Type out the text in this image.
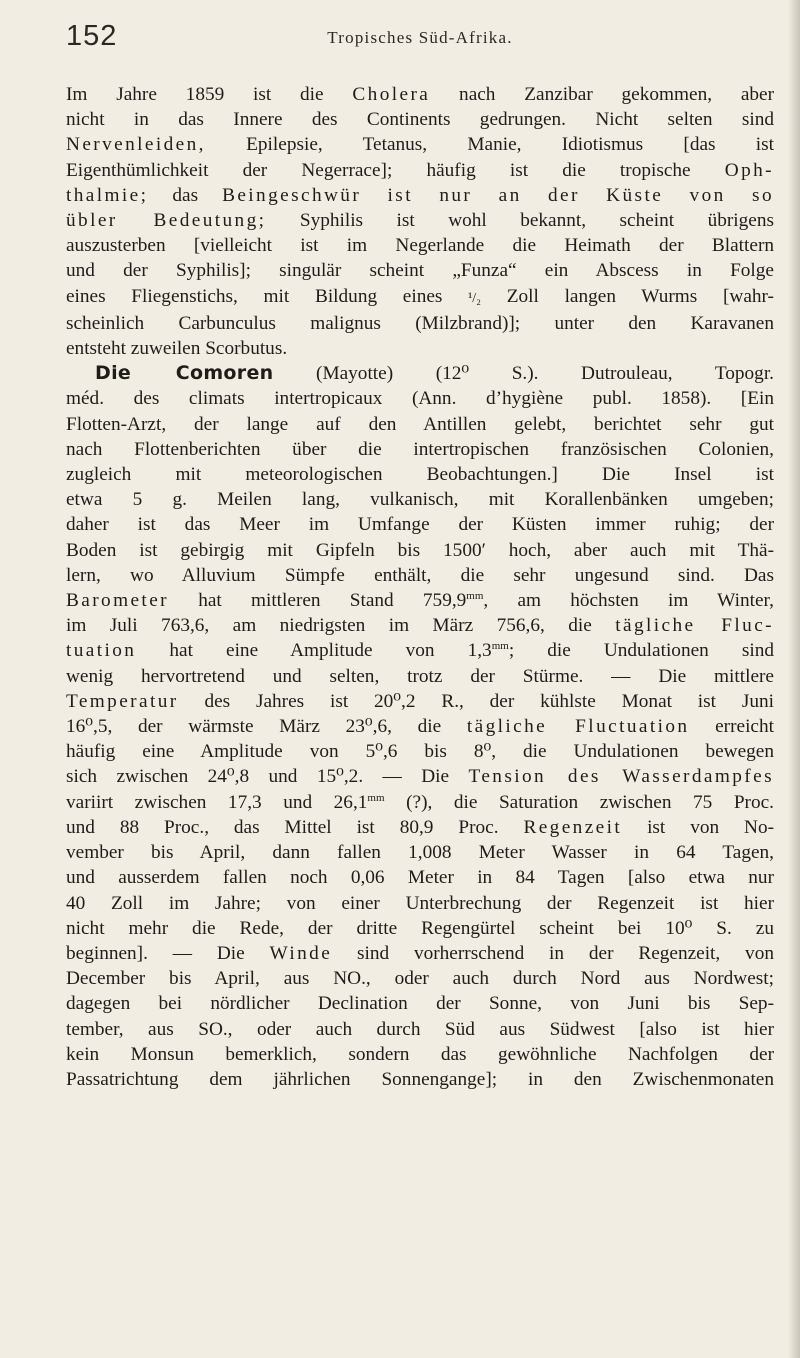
152	Tropisches Süd-Afrika.
Im Jahre 1859 ist die Cholera nach Zanzibar gekommen, aber
nicht in das Innere des Continents gedrungen. Nicht selten sind
Nervenleiden, Epilepsie, Tetanus, Manie, Idiotismus [das ist
Eigenthümlichkeit der Negerrace]; häufig ist die tropische Oph-
thalmie; das Beingeschwür ist nur an der Küste von so
übler Bedeutung; Syphilis ist wohl bekannt, scheint übrigens
auszusterben [vielleicht ist im Negerlande die Heimath der Blattern
und der Syphilis]; singulär scheint „Funza“ ein Abscess in Folge
eines Fliegenstichs, mit Bildung eines ¹/₂ Zoll langen Wurms [wahr-
scheinlich Carbunculus malignus (Milzbrand)]; unter den Karavanen
entsteht zuweilen Scorbutus.
Die Comoren (Mayotte) (12⁰ S.). Dutrouleau, Topogr.
méd. des climats intertropicaux (Ann. d’hygiène publ. 1858). [Ein
Flotten-Arzt, der lange auf den Antillen gelebt, berichtet sehr gut
nach Flottenberichten über die intertropischen französischen Colonien,
zugleich mit meteorologischen Beobachtungen.] Die Insel ist
etwa 5 g. Meilen lang, vulkanisch, mit Korallenbänken umgeben;
daher ist das Meer im Umfange der Küsten immer ruhig; der
Boden ist gebirgig mit Gipfeln bis 1500′ hoch, aber auch mit Thä-
lern, wo Alluvium Sümpfe enthält, die sehr ungesund sind. Das
Barometer hat mittleren Stand $759,9^{mm}$, am höchsten im Winter,
im Juli 763,6, am niedrigsten im März 756,6, die tägliche Fluc-
tuation hat eine Amplitude von $1,3^{mm}$; die Undulationen sind
wenig hervortretend und selten, trotz der Stürme. — Die mittlere
Temperatur des Jahres ist 20⁰,2 R., der kühlste Monat ist Juni
16⁰,5, der wärmste März 23⁰,6, die tägliche Fluctuation erreicht
häufig eine Amplitude von 5⁰,6 bis 8⁰, die Undulationen bewegen
sich zwischen 24⁰,8 und 15⁰,2. — Die Tension des Wasserdampfes
variirt zwischen 17,3 und $26,1^{mm}$ (?), die Saturation zwischen 75 Proc.
und 88 Proc., das Mittel ist 80,9 Proc. Regenzeit ist von No-
vember bis April, dann fallen 1,008 Meter Wasser in 64 Tagen,
und ausserdem fallen noch 0,06 Meter in 84 Tagen [also etwa nur
40 Zoll im Jahre; von einer Unterbrechung der Regenzeit ist hier
nicht mehr die Rede, der dritte Regengürtel scheint bei 10⁰ S. zu
beginnen]. — Die Winde sind vorherrschend in der Regenzeit, von
December bis April, aus NO., oder auch durch Nord aus Nordwest;
dagegen bei nördlicher Declination der Sonne, von Juni bis Sep-
tember, aus SO., oder auch durch Süd aus Südwest [also ist hier
kein Monsun bemerklich, sondern das gewöhnliche Nachfolgen der
Passatrichtung dem jährlichen Sonnengange]; in den Zwischenmonaten
